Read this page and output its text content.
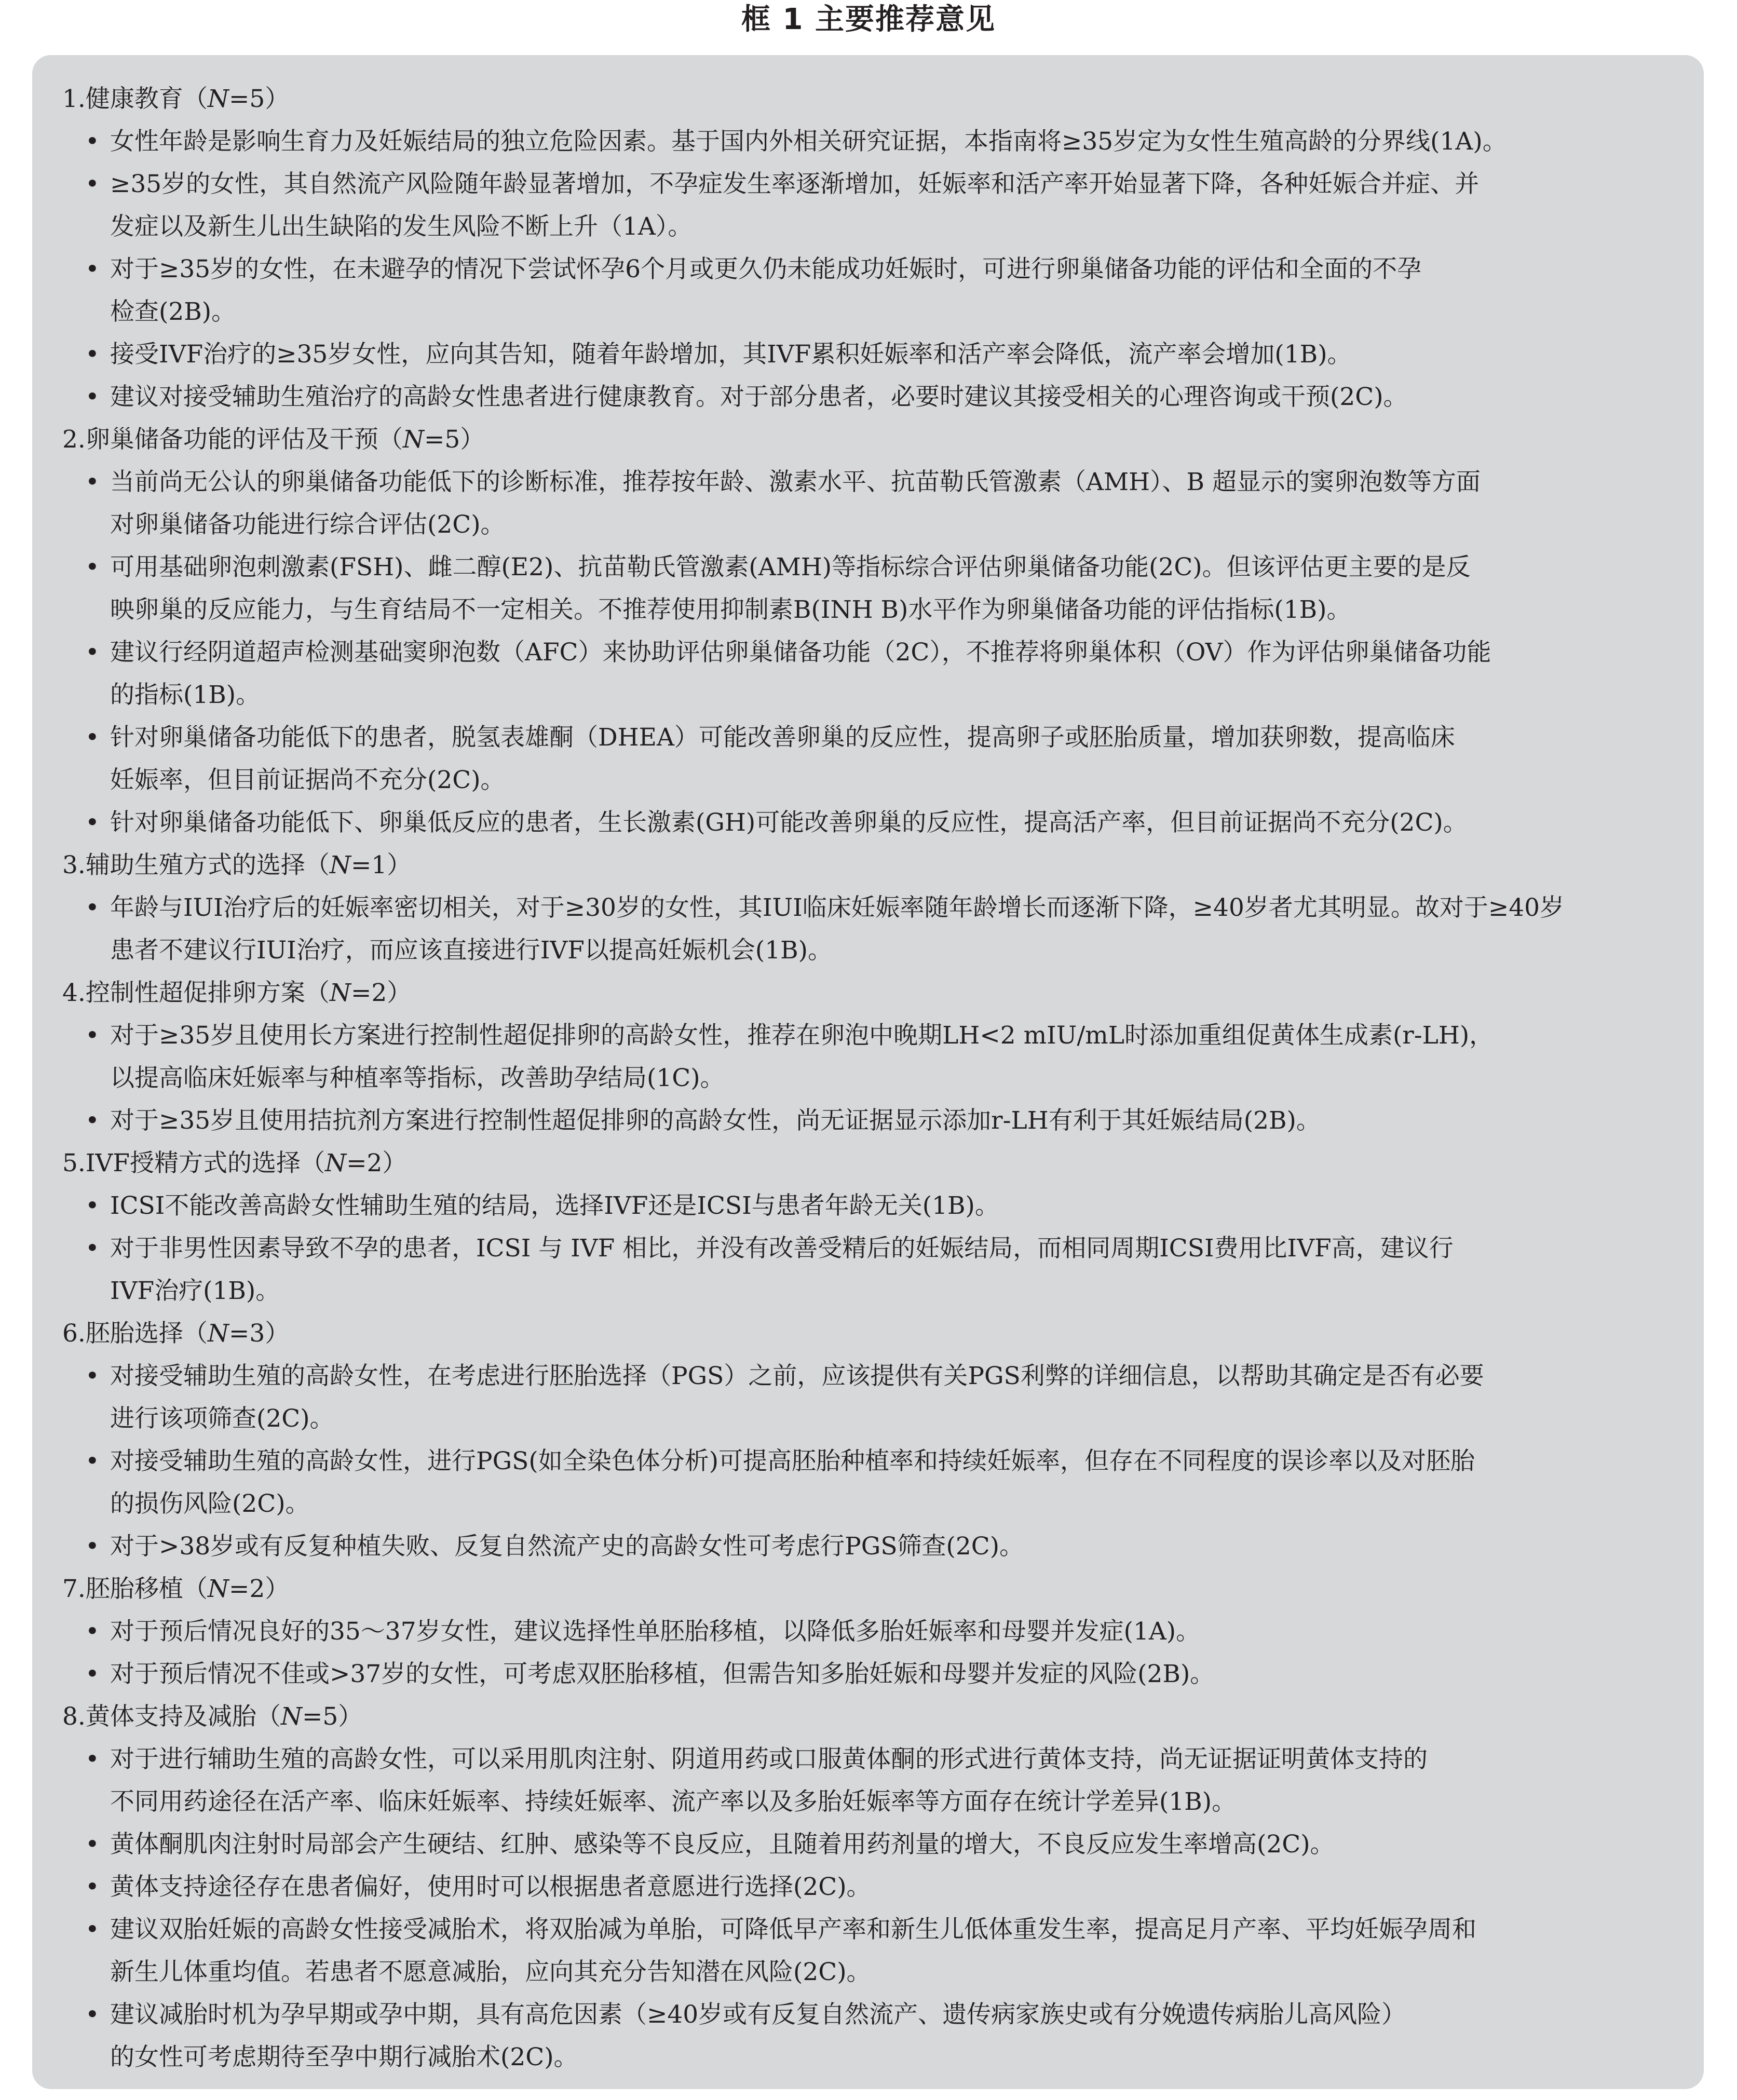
框 1 主要推荐意见
1.健康教育（N=5）
• 女性年龄是影响生育力及妊娠结局的独立危险因素。基于国内外相关研究证据，本指南将≥35岁定为女性生殖高龄的分界线(1A)。
• ≥35岁的女性，其自然流产风险随年龄显著增加，不孕症发生率逐渐增加，妊娠率和活产率开始显著下降，各种妊娠合并症、并
发症以及新生儿出生缺陷的发生风险不断上升（1A）。
• 对于≥35岁的女性，在未避孕的情况下尝试怀孕6个月或更久仍未能成功妊娠时，可进行卵巢储备功能的评估和全面的不孕
检查(2B)。
• 接受IVF治疗的≥35岁女性，应向其告知，随着年龄增加，其IVF累积妊娠率和活产率会降低，流产率会增加(1B)。
• 建议对接受辅助生殖治疗的高龄女性患者进行健康教育。对于部分患者，必要时建议其接受相关的心理咨询或干预(2C)。
2.卵巢储备功能的评估及干预（N=5）
• 当前尚无公认的卵巢储备功能低下的诊断标准，推荐按年龄、激素水平、抗苗勒氏管激素（AMH）、B 超显示的窦卵泡数等方面
对卵巢储备功能进行综合评估(2C)。
• 可用基础卵泡刺激素(FSH)、雌二醇(E2)、抗苗勒氏管激素(AMH)等指标综合评估卵巢储备功能(2C)。但该评估更主要的是反
映卵巢的反应能力，与生育结局不一定相关。不推荐使用抑制素B(INH B)水平作为卵巢储备功能的评估指标(1B)。
• 建议行经阴道超声检测基础窦卵泡数（AFC）来协助评估卵巢储备功能（2C），不推荐将卵巢体积（OV）作为评估卵巢储备功能
的指标(1B)。
• 针对卵巢储备功能低下的患者，脱氢表雄酮（DHEA）可能改善卵巢的反应性，提高卵子或胚胎质量，增加获卵数，提高临床
妊娠率，但目前证据尚不充分(2C)。
• 针对卵巢储备功能低下、卵巢低反应的患者，生长激素(GH)可能改善卵巢的反应性，提高活产率，但目前证据尚不充分(2C)。
3.辅助生殖方式的选择（N=1）
• 年龄与IUI治疗后的妊娠率密切相关，对于≥30岁的女性，其IUI临床妊娠率随年龄增长而逐渐下降，≥40岁者尤其明显。故对于≥40岁
患者不建议行IUI治疗，而应该直接进行IVF以提高妊娠机会(1B)。
4.控制性超促排卵方案（N=2）
• 对于≥35岁且使用长方案进行控制性超促排卵的高龄女性，推荐在卵泡中晚期LH<2 mIU/mL时添加重组促黄体生成素(r-LH)，
以提高临床妊娠率与种植率等指标，改善助孕结局(1C)。
• 对于≥35岁且使用拮抗剂方案进行控制性超促排卵的高龄女性，尚无证据显示添加r-LH有利于其妊娠结局(2B)。
5.IVF授精方式的选择（N=2）
• ICSI不能改善高龄女性辅助生殖的结局，选择IVF还是ICSI与患者年龄无关(1B)。
• 对于非男性因素导致不孕的患者，ICSI 与 IVF 相比，并没有改善受精后的妊娠结局，而相同周期ICSI费用比IVF高，建议行
IVF治疗(1B)。
6.胚胎选择（N=3）
• 对接受辅助生殖的高龄女性，在考虑进行胚胎选择（PGS）之前，应该提供有关PGS利弊的详细信息，以帮助其确定是否有必要
进行该项筛查(2C)。
• 对接受辅助生殖的高龄女性，进行PGS(如全染色体分析)可提高胚胎种植率和持续妊娠率，但存在不同程度的误诊率以及对胚胎
的损伤风险(2C)。
• 对于>38岁或有反复种植失败、反复自然流产史的高龄女性可考虑行PGS筛查(2C)。
7.胚胎移植（N=2）
• 对于预后情况良好的35～37岁女性，建议选择性单胚胎移植，以降低多胎妊娠率和母婴并发症(1A)。
• 对于预后情况不佳或>37岁的女性，可考虑双胚胎移植，但需告知多胎妊娠和母婴并发症的风险(2B)。
8.黄体支持及减胎（N=5）
• 对于进行辅助生殖的高龄女性，可以采用肌肉注射、阴道用药或口服黄体酮的形式进行黄体支持，尚无证据证明黄体支持的
不同用药途径在活产率、临床妊娠率、持续妊娠率、流产率以及多胎妊娠率等方面存在统计学差异(1B)。
• 黄体酮肌肉注射时局部会产生硬结、红肿、感染等不良反应，且随着用药剂量的增大，不良反应发生率增高(2C)。
• 黄体支持途径存在患者偏好，使用时可以根据患者意愿进行选择(2C)。
• 建议双胎妊娠的高龄女性接受减胎术，将双胎减为单胎，可降低早产率和新生儿低体重发生率，提高足月产率、平均妊娠孕周和
新生儿体重均值。若患者不愿意减胎，应向其充分告知潜在风险(2C)。
• 建议减胎时机为孕早期或孕中期，具有高危因素（≥40岁或有反复自然流产、遗传病家族史或有分娩遗传病胎儿高风险）
的女性可考虑期待至孕中期行减胎术(2C)。
